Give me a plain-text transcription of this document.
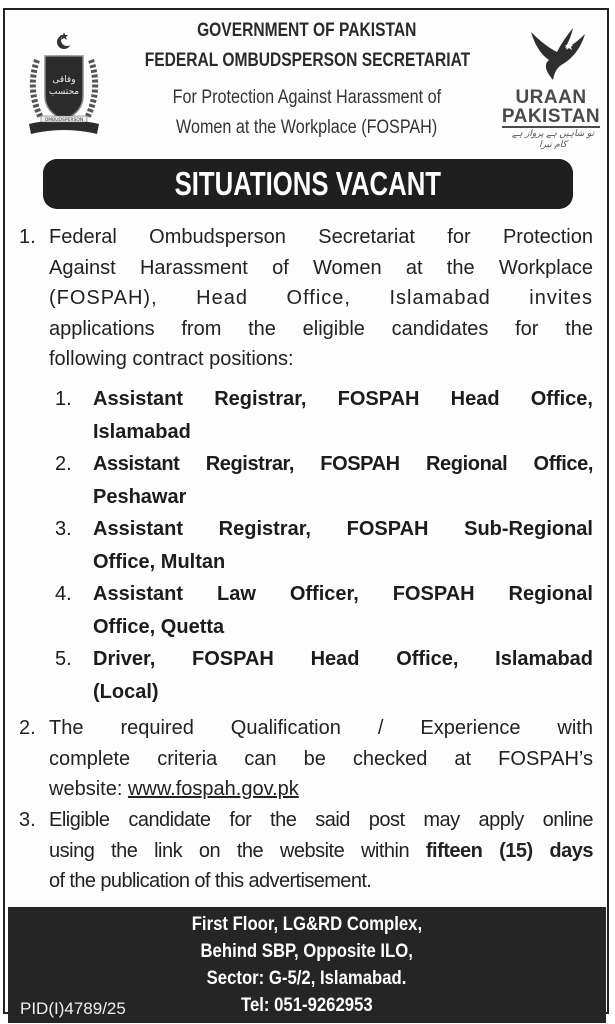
وفاقی
محتسب
OMBUDSPERSON
GOVERNMENT OF PAKISTAN
FEDERAL OMBUDSPERSON SECRETARIAT
For Protection Against Harassment of
Women at the Workplace (FOSPAH)
URAAN
PAKISTAN
تو شاہیں ہے پرواز ہے کام تیرا
SITUATIONS VACANT
1. Federal Ombudsperson Secretariat for Protection
Against Harassment of Women at the Workplace
(FOSPAH), Head Office, Islamabad invites
applications from the eligible candidates for the
following contract positions:
1. Assistant Registrar, FOSPAH Head Office,
Islamabad
2. Assistant Registrar, FOSPAH Regional Office,
Peshawar
3. Assistant Registrar, FOSPAH Sub-Regional
Office, Multan
4. Assistant Law Officer, FOSPAH Regional
Office, Quetta
5. Driver, FOSPAH Head Office, Islamabad
(Local)
2. The required Qualification / Experience with
complete criteria can be checked at FOSPAH’s
website: www.fospah.gov.pk
3. Eligible candidate for the said post may apply online
using the link on the website within fifteen (15) days
of the publication of this advertisement.
First Floor, LG&RD Complex,
Behind SBP, Opposite ILO,
Sector: G-5/2, Islamabad.
Tel: 051-9262953
PID(I)4789/25
